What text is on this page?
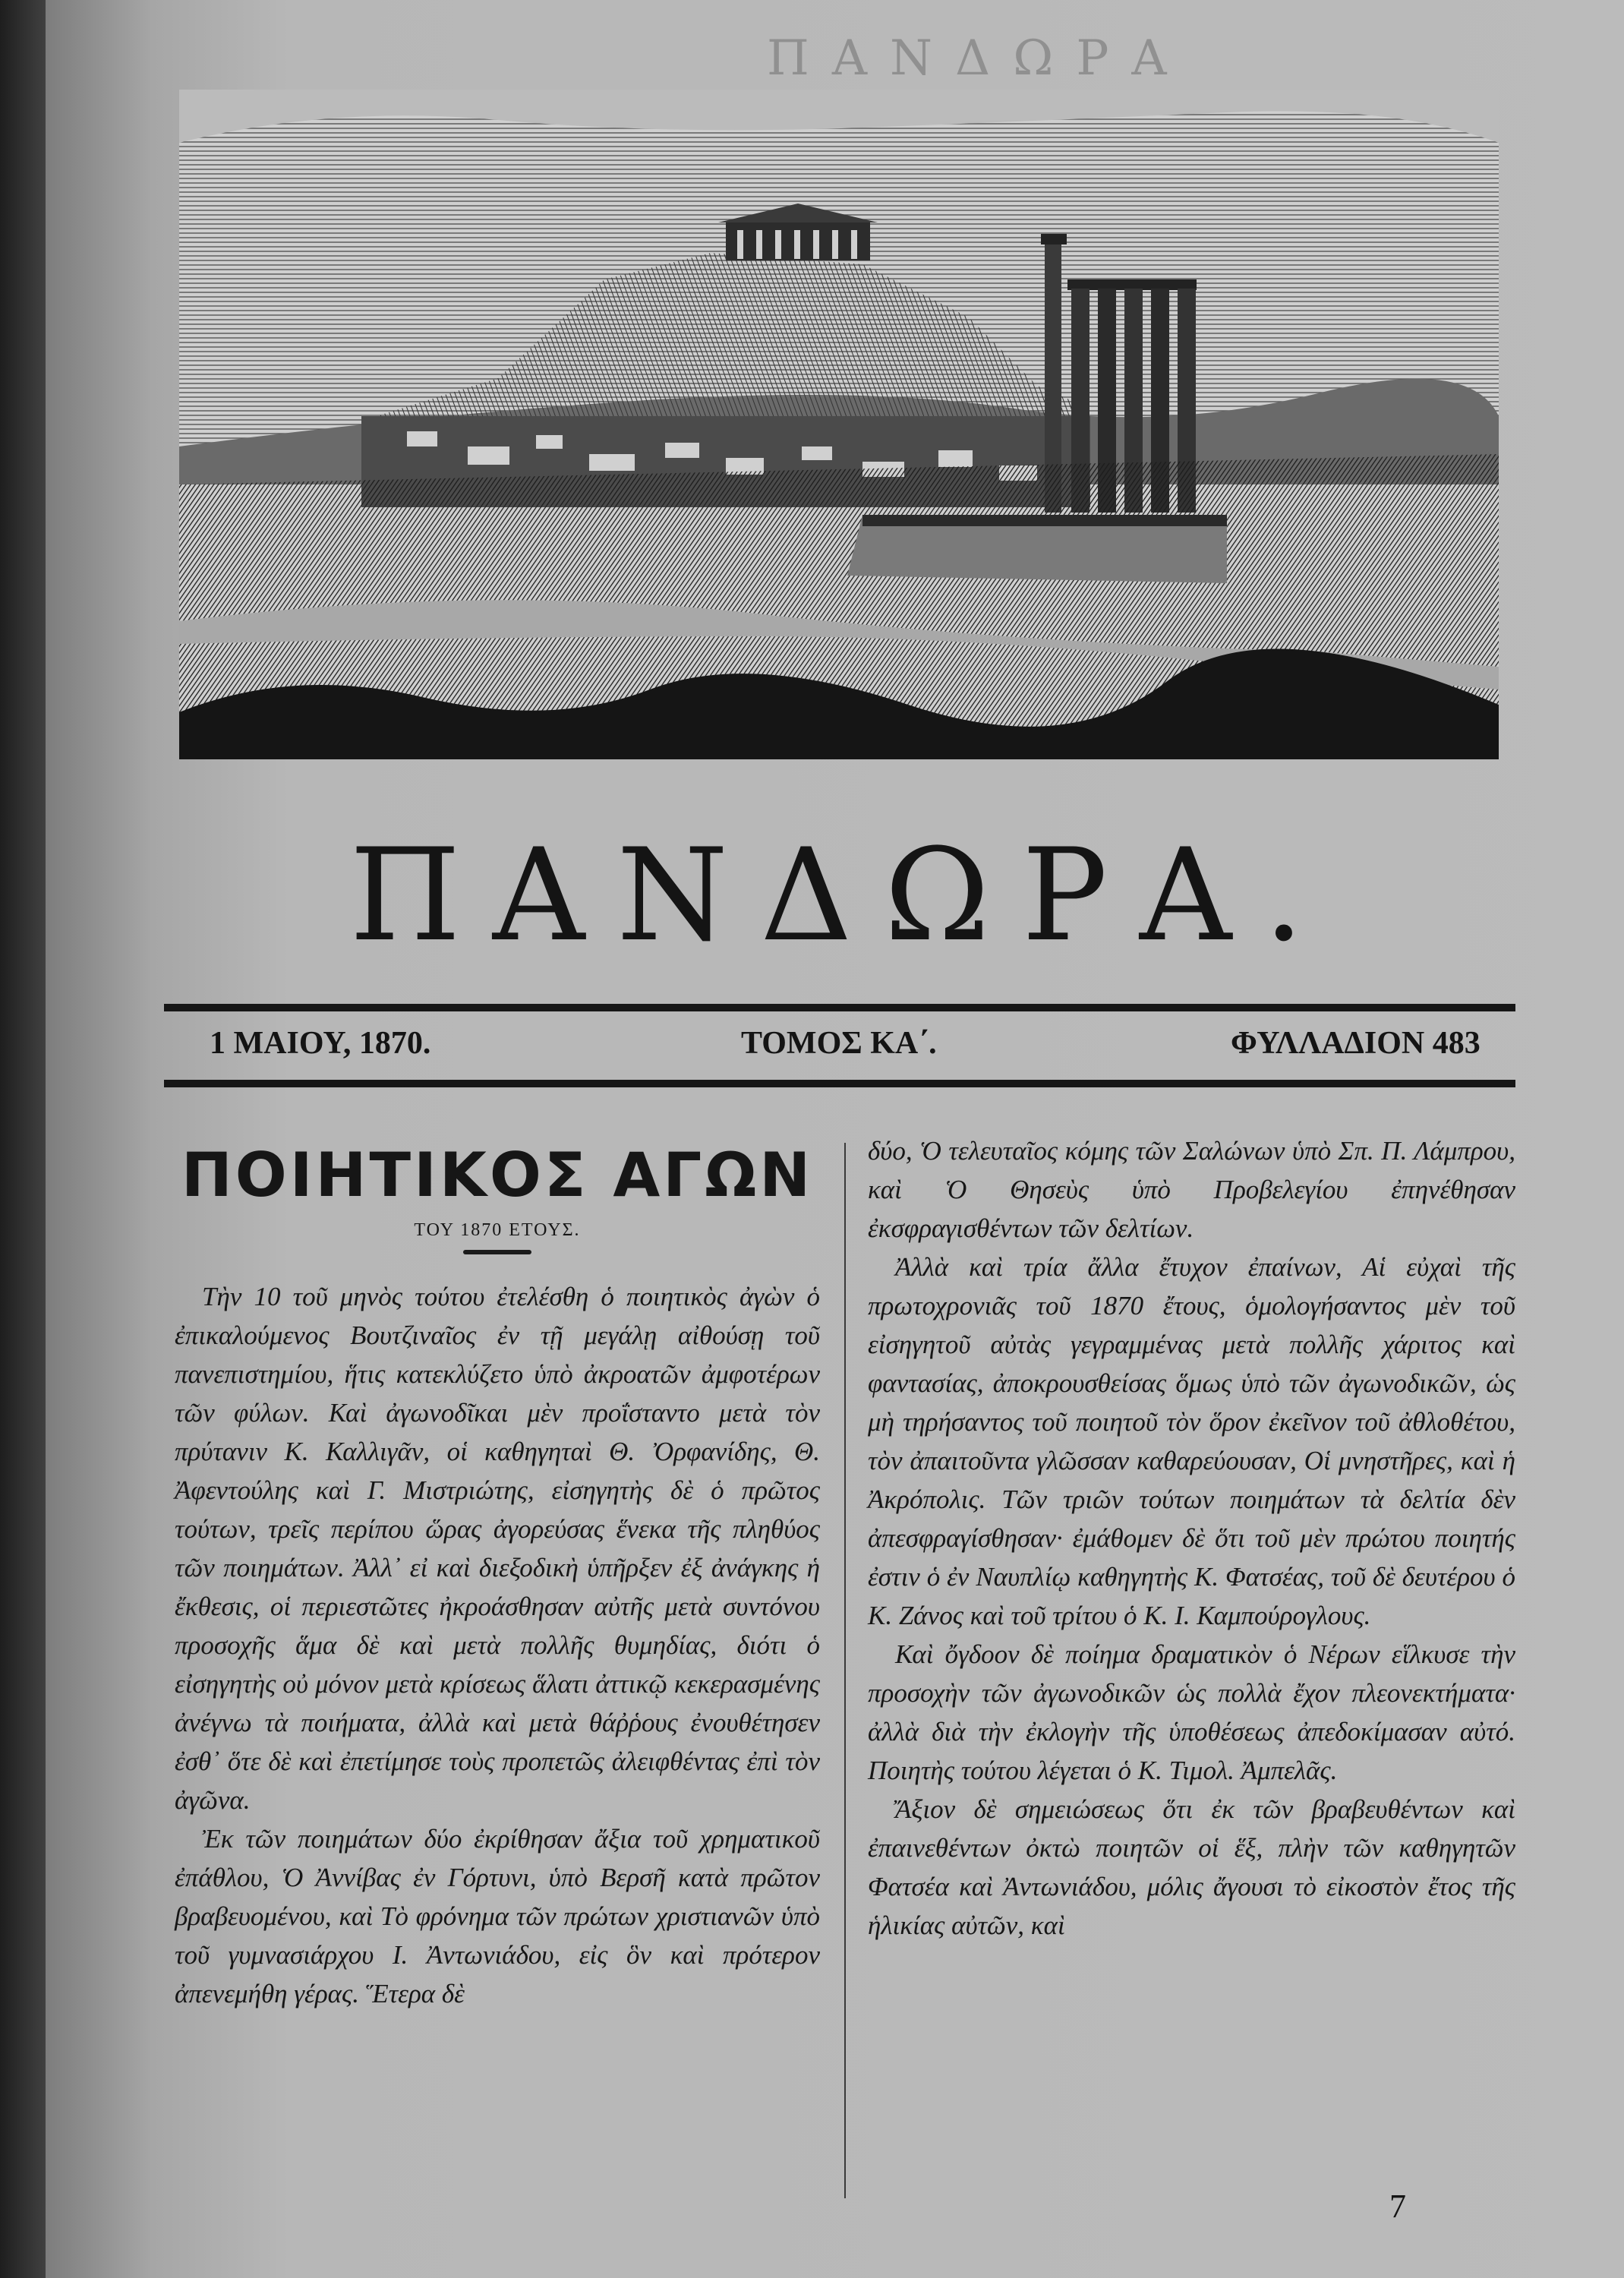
ΠΑΝΔΩΡΑ
ΠΑΝΔΩΡΑ.
1 ΜΑΙΟΥ, 1870.	ΤΟΜΟΣ ΚΑ΄.	ΦΥΛΛΑΔΙΟΝ 483
ΠΟΙΗΤΙΚΟΣ ΑΓΩΝ
ΤΟΥ 1870 ΕΤΟΥΣ.

Τὴν 10 τοῦ μηνὸς τούτου ἐτελέσθη ὁ ποιητικὸς ἀγὼν ὁ ἐπικαλούμενος Βουτζιναῖος ἐν τῇ μεγάλῃ αἰθούσῃ τοῦ πανεπιστημίου, ἥτις κατεκλύζετο ὑπὸ ἀκροατῶν ἀμφοτέρων τῶν φύλων. Καὶ ἀγωνοδῖκαι μὲν προΐσταντο μετὰ τὸν πρύτανιν Κ. Καλλιγᾶν, οἱ καθηγηταὶ Θ. Ὀρφανίδης, Θ. Ἀφεντούλης καὶ Γ. Μιστριώτης, εἰσηγητὴς δὲ ὁ πρῶτος τούτων, τρεῖς περίπου ὥρας ἀγορεύσας ἕνεκα τῆς πληθύος τῶν ποιημάτων. Ἀλλ᾿ εἰ καὶ διεξοδικὴ ὑπῆρξεν ἐξ ἀνάγκης ἡ ἔκθεσις, οἱ περιεστῶτες ἠκροάσθησαν αὐτῆς μετὰ συντόνου προσοχῆς ἅμα δὲ καὶ μετὰ πολλῆς θυμηδίας, διότι ὁ εἰσηγητὴς οὐ μόνον μετὰ κρίσεως ἅλατι ἀττικῷ κεκερασμένης ἀνέγνω τὰ ποιήματα, ἀλλὰ καὶ μετὰ θάῤῥους ἐνουθέτησεν ἐσθ᾿ ὅτε δὲ καὶ ἐπετίμησε τοὺς προπετῶς ἀλειφθέντας ἐπὶ τὸν ἀγῶνα.

Ἐκ τῶν ποιημάτων δύο ἐκρίθησαν ἄξια τοῦ χρηματικοῦ ἐπάθλου, Ὁ Ἀννίβας ἐν Γόρτυνι, ὑπὸ Βερσῆ κατὰ πρῶτον βραβευομένου, καὶ Τὸ φρόνημα τῶν πρώτων χριστιανῶν ὑπὸ τοῦ γυμνασιάρχου Ι. Ἀντωνιάδου, εἰς ὃν καὶ πρότερον ἀπενεμήθη γέρας. Ἕτερα δὲ

δύο, Ὁ τελευταῖος κόμης τῶν Σαλώνων ὑπὸ Σπ. Π. Λάμπρου, καὶ Ὁ Θησεὺς ὑπὸ Προβελεγίου ἐπηνέθησαν ἐκσφραγισθέντων τῶν δελτίων.

Ἀλλὰ καὶ τρία ἄλλα ἔτυχον ἐπαίνων, Αἱ εὐχαὶ τῆς πρωτοχρονιᾶς τοῦ 1870 ἔτους, ὁμολογήσαντος μὲν τοῦ εἰσηγητοῦ αὐτὰς γεγραμμένας μετὰ πολλῆς χάριτος καὶ φαντασίας, ἀποκρουσθείσας ὅμως ὑπὸ τῶν ἀγωνοδικῶν, ὡς μὴ τηρήσαντος τοῦ ποιητοῦ τὸν ὅρον ἐκεῖνον τοῦ ἀθλοθέτου, τὸν ἀπαιτοῦντα γλῶσσαν καθαρεύουσαν, Οἱ μνηστῆρες, καὶ ἡ Ἀκρόπολις. Τῶν τριῶν τούτων ποιημάτων τὰ δελτία δὲν ἀπεσφραγίσθησαν· ἐμάθομεν δὲ ὅτι τοῦ μὲν πρώτου ποιητής ἐστιν ὁ ἐν Ναυπλίῳ καθηγητὴς Κ. Φατσέας, τοῦ δὲ δευτέρου ὁ Κ. Ζάνος καὶ τοῦ τρίτου ὁ Κ. Ι. Καμπούρογλους.

Καὶ ὄγδοον δὲ ποίημα δραματικὸν ὁ Νέρων εἵλκυσε τὴν προσοχὴν τῶν ἀγωνοδικῶν ὡς πολλὰ ἔχον πλεονεκτήματα· ἀλλὰ διὰ τὴν ἐκλογὴν τῆς ὑποθέσεως ἀπεδοκίμασαν αὐτό. Ποιητὴς τούτου λέγεται ὁ Κ. Τιμολ. Ἀμπελᾶς.

Ἄξιον δὲ σημειώσεως ὅτι ἐκ τῶν βραβευθέντων καὶ ἐπαινεθέντων ὀκτὼ ποιητῶν οἱ ἕξ, πλὴν τῶν καθηγητῶν Φατσέα καὶ Ἀντωνιάδου, μόλις ἄγουσι τὸ εἰκοστὸν ἔτος τῆς ἡλικίας αὐτῶν, καὶ

7
